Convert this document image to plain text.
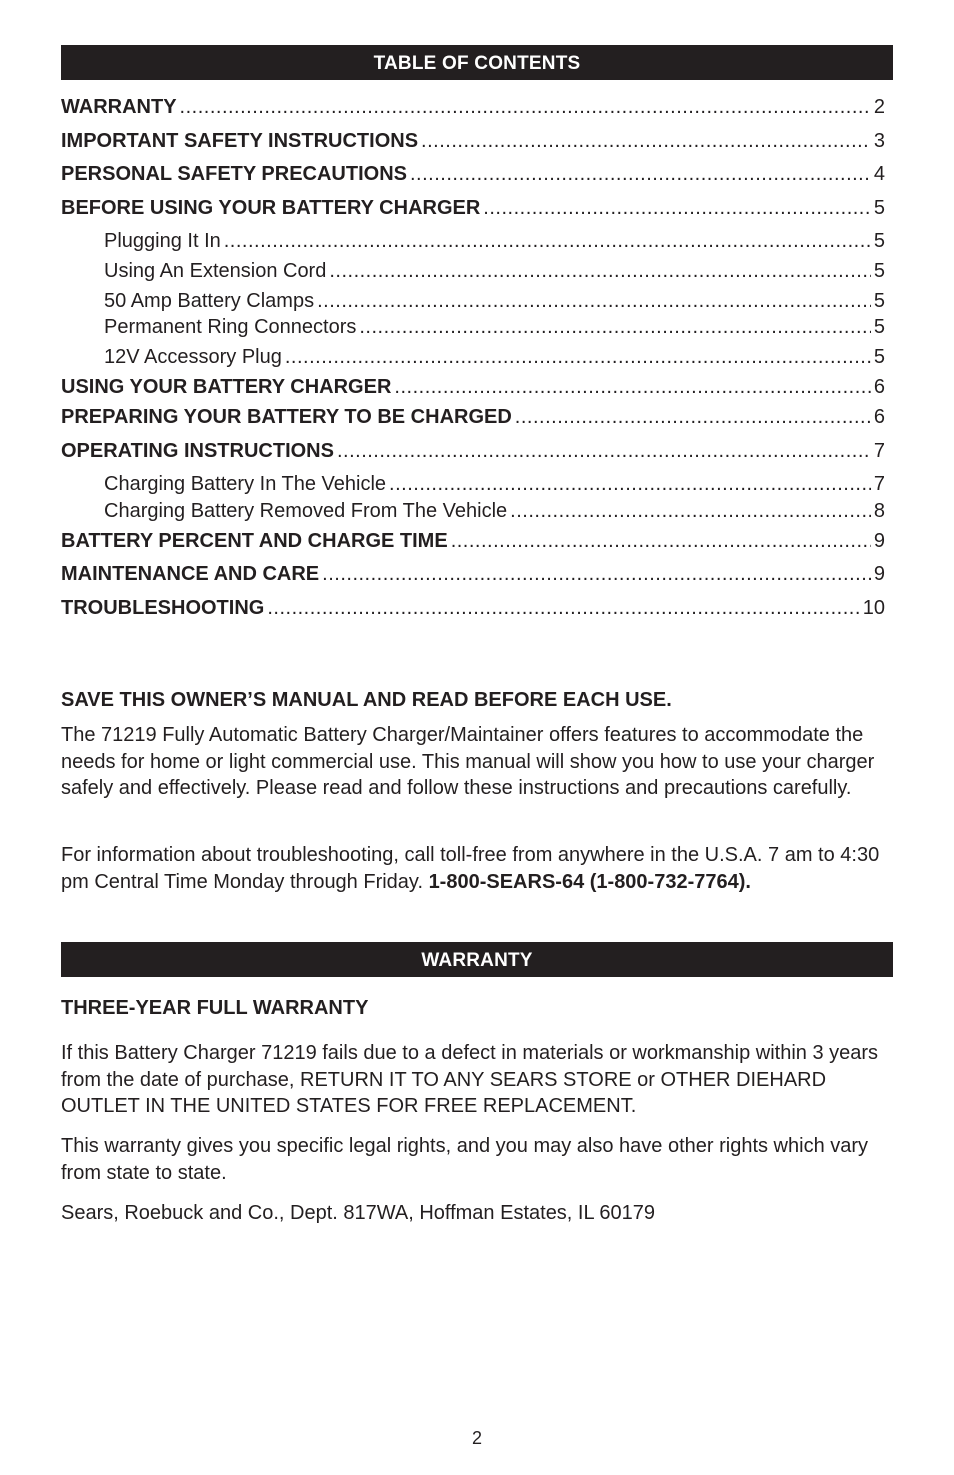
TABLE OF CONTENTS
WARRANTY .....	2
IMPORTANT SAFETY INSTRUCTIONS .....	3
PERSONAL SAFETY PRECAUTIONS .....	4
BEFORE USING YOUR BATTERY CHARGER .....	5
Plugging It In .....	5
Using An Extension Cord .....	5
50 Amp Battery Clamps .....	5
Permanent Ring Connectors .....	5
12V Accessory Plug .....	5
USING YOUR BATTERY CHARGER .....	6
PREPARING YOUR BATTERY TO BE CHARGED .....	6
OPERATING INSTRUCTIONS .....	7
Charging Battery In The Vehicle .....	7
Charging Battery Removed From The Vehicle .....	8
BATTERY PERCENT AND CHARGE TIME .....	9
MAINTENANCE AND CARE .....	9
TROUBLESHOOTING .....	10
SAVE THIS OWNER’S MANUAL AND READ BEFORE EACH USE.
The 71219 Fully Automatic Battery Charger/Maintainer offers features to accommodate the needs for home or light commercial use. This manual will show you how to use your charger safely and effectively. Please read and follow these instructions and precautions carefully.
For information about troubleshooting, call toll-free from anywhere in the U.S.A. 7 am to 4:30 pm Central Time Monday through Friday. 1-800-SEARS-64 (1-800-732-7764).
WARRANTY
THREE-YEAR FULL WARRANTY
If this Battery Charger 71219 fails due to a defect in materials or workmanship within 3 years from the date of purchase, RETURN IT TO ANY SEARS STORE or OTHER DIEHARD OUTLET IN THE UNITED STATES FOR FREE REPLACEMENT.
This warranty gives you specific legal rights, and you may also have other rights which vary from state to state.
Sears, Roebuck and Co., Dept. 817WA, Hoffman Estates, IL 60179
2
